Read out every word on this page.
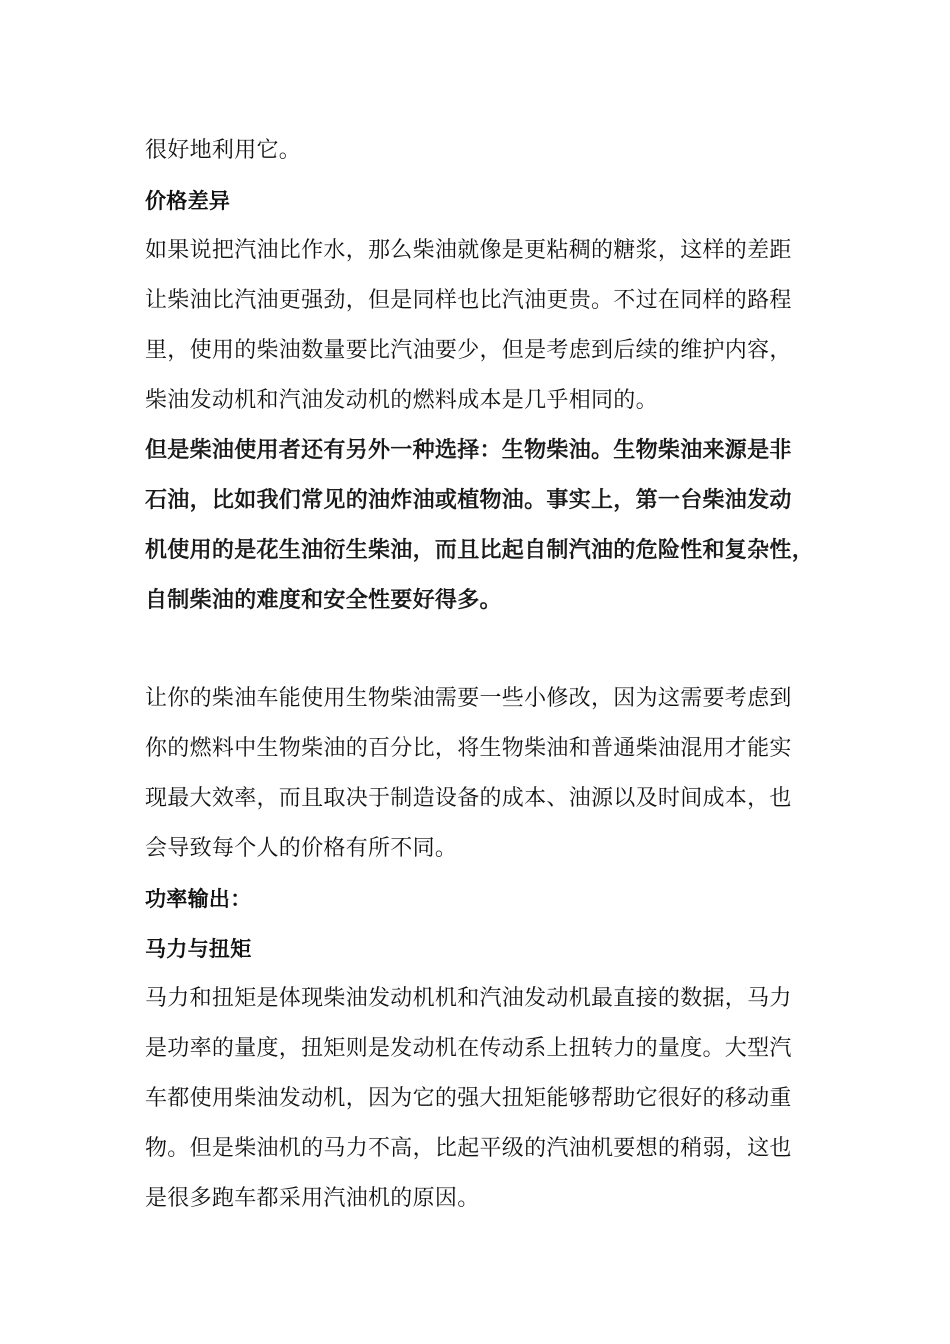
很好地利用它。
价格差异
如果说把汽油比作水，那么柴油就像是更粘稠的糖浆，这样的差距
让柴油比汽油更强劲，但是同样也比汽油更贵。不过在同样的路程
里，使用的柴油数量要比汽油要少，但是考虑到后续的维护内容，
柴油发动机和汽油发动机的燃料成本是几乎相同的。
但是柴油使用者还有另外一种选择：生物柴油。生物柴油来源是非
石油，比如我们常见的油炸油或植物油。事实上，第一台柴油发动
机使用的是花生油衍生柴油，而且比起自制汽油的危险性和复杂性，
自制柴油的难度和安全性要好得多。
让你的柴油车能使用生物柴油需要一些小修改，因为这需要考虑到
你的燃料中生物柴油的百分比，将生物柴油和普通柴油混用才能实
现最大效率，而且取决于制造设备的成本、油源以及时间成本，也
会导致每个人的价格有所不同。
功率输出：
马力与扭矩
马力和扭矩是体现柴油发动机机和汽油发动机最直接的数据，马力
是功率的量度，扭矩则是发动机在传动系上扭转力的量度。大型汽
车都使用柴油发动机，因为它的强大扭矩能够帮助它很好的移动重
物。但是柴油机的马力不高，比起平级的汽油机要想的稍弱，这也
是很多跑车都采用汽油机的原因。
